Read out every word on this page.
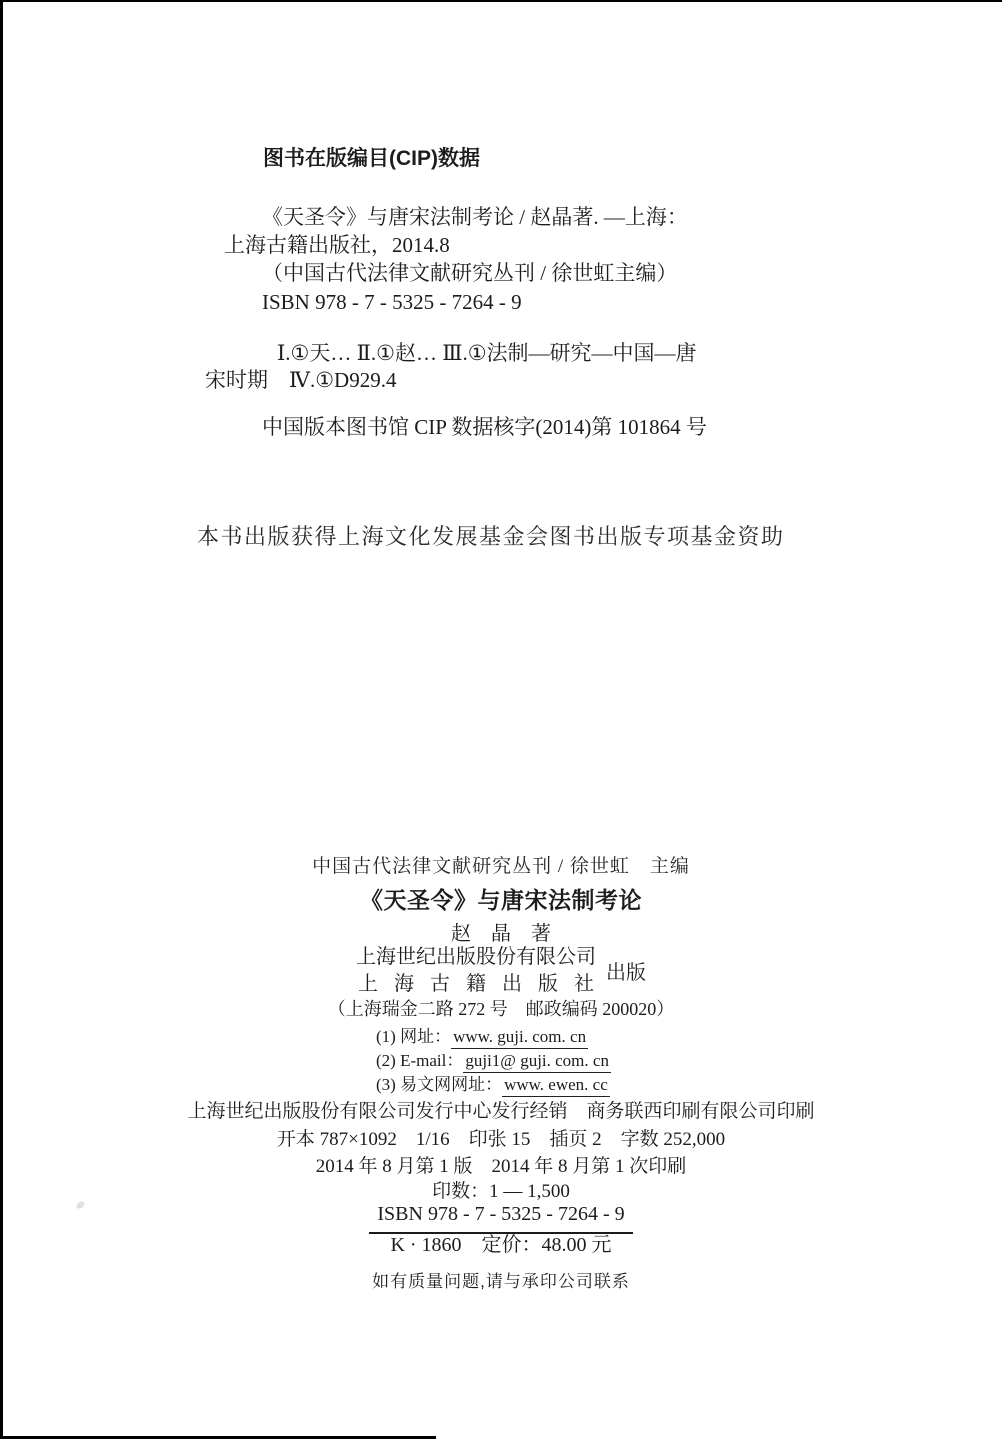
图书在版编目(CIP)数据
《天圣令》与唐宋法制考论 / 赵晶著. —上海：
上海古籍出版社，2014.8
（中国古代法律文献研究丛刊 / 徐世虹主编）
ISBN 978 - 7 - 5325 - 7264 - 9
Ⅰ.①天… Ⅱ.①赵… Ⅲ.①法制—研究—中国—唐
宋时期　Ⅳ.①D929.4
中国版本图书馆 CIP 数据核字(2014)第 101864 号
本书出版获得上海文化发展基金会图书出版专项基金资助
中国古代法律文献研究丛刊 / 徐世虹　主编
《天圣令》与唐宋法制考论
赵　晶　著
上海世纪出版股份有限公司
上海古籍出版社
出版
（上海瑞金二路 272 号　邮政编码 200020）
(1) 网址： www. guji. com. cn
(2) E-mail： guji1@ guji. com. cn
(3) 易文网网址： www. ewen. cc
上海世纪出版股份有限公司发行中心发行经销　商务联西印刷有限公司印刷
开本 787×1092　1/16　印张 15　插页 2　字数 252,000
2014 年 8 月第 1 版　2014 年 8 月第 1 次印刷
印数：1 — 1,500
ISBN 978 - 7 - 5325 - 7264 - 9
K · 1860　定价：48.00 元
如有质量问题,请与承印公司联系
